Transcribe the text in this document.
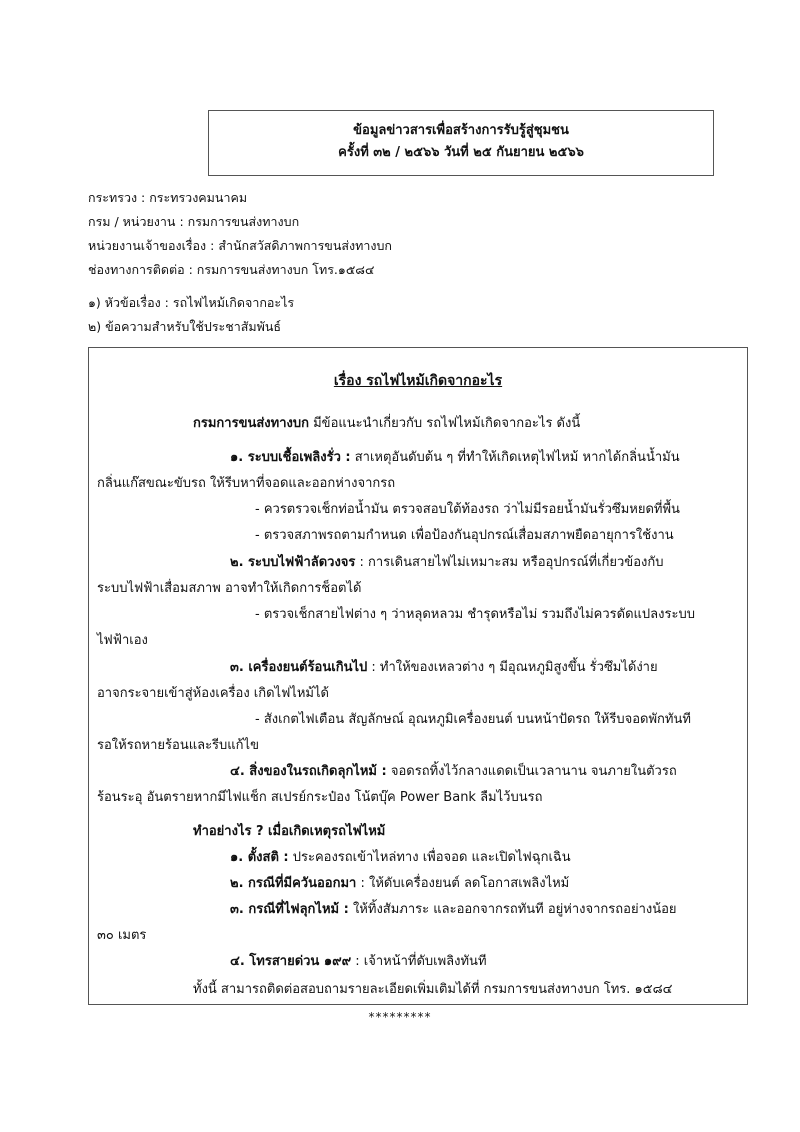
ข้อมูลข่าวสารเพื่อสร้างการรับรู้สู่ชุมชน
ครั้งที่ ๓๒ / ๒๕๖๖ วันที่ ๒๕ กันยายน ๒๕๖๖
กระทรวง : กระทรวงคมนาคม
กรม / หน่วยงาน : กรมการขนส่งทางบก
หน่วยงานเจ้าของเรื่อง : สำนักสวัสดิภาพการขนส่งทางบก
ช่องทางการติดต่อ : กรมการขนส่งทางบก โทร.๑๕๘๔
๑) หัวข้อเรื่อง : รถไฟไหม้เกิดจากอะไร
๒) ข้อความสำหรับใช้ประชาสัมพันธ์
เรื่อง รถไฟไหม้เกิดจากอะไร
กรมการขนส่งทางบก มีข้อแนะนำเกี่ยวกับ รถไฟไหม้เกิดจากอะไร ดังนี้
๑. ระบบเชื้อเพลิงรั่ว : สาเหตุอันดับต้น ๆ ที่ทำให้เกิดเหตุไฟไหม้ หากได้กลิ่นน้ำมัน
กลิ่นแก๊สขณะขับรถ ให้รีบหาที่จอดและออกห่างจากรถ
- ควรตรวจเช็กท่อน้ำมัน ตรวจสอบใต้ท้องรถ ว่าไม่มีรอยน้ำมันรั่วซึมหยดที่พื้น
- ตรวจสภาพรถตามกำหนด เพื่อป้องกันอุปกรณ์เสื่อมสภาพยืดอายุการใช้งาน
๒. ระบบไฟฟ้าลัดวงจร : การเดินสายไฟไม่เหมาะสม หรืออุปกรณ์ที่เกี่ยวข้องกับ
ระบบไฟฟ้าเสื่อมสภาพ อาจทำให้เกิดการช็อตได้
- ตรวจเช็กสายไฟต่าง ๆ ว่าหลุดหลวม ชำรุดหรือไม่ รวมถึงไม่ควรดัดแปลงระบบ
ไฟฟ้าเอง
๓. เครื่องยนต์ร้อนเกินไป : ทำให้ของเหลวต่าง ๆ มีอุณหภูมิสูงขึ้น รั่วซึมได้ง่าย
อาจกระจายเข้าสู่ห้องเครื่อง เกิดไฟไหม้ได้
- สังเกตไฟเตือน สัญลักษณ์ อุณหภูมิเครื่องยนต์ บนหน้าปัดรถ ให้รีบจอดพักทันที
รอให้รถหายร้อนและรีบแก้ไข
๔. สิ่งของในรถเกิดลุกไหม้ : จอดรถทิ้งไว้กลางแดดเป็นเวลานาน จนภายในตัวรถ
ร้อนระอุ อันตรายหากมีไฟแช็ก สเปรย์กระป๋อง โน้ตบุ๊ค Power Bank ลืมไว้บนรถ
ทำอย่างไร ? เมื่อเกิดเหตุรถไฟไหม้
๑. ตั้งสติ : ประคองรถเข้าไหล่ทาง เพื่อจอด และเปิดไฟฉุกเฉิน
๒. กรณีที่มีควันออกมา : ให้ดับเครื่องยนต์ ลดโอกาสเพลิงไหม้
๓. กรณีที่ไฟลุกไหม้ : ให้ทิ้งสัมภาระ และออกจากรถทันที อยู่ห่างจากรถอย่างน้อย
๓๐ เมตร
๔. โทรสายด่วน ๑๙๙ : เจ้าหน้าที่ดับเพลิงทันที
ทั้งนี้ สามารถติดต่อสอบถามรายละเอียดเพิ่มเติมได้ที่ กรมการขนส่งทางบก โทร. ๑๕๘๔
*********
